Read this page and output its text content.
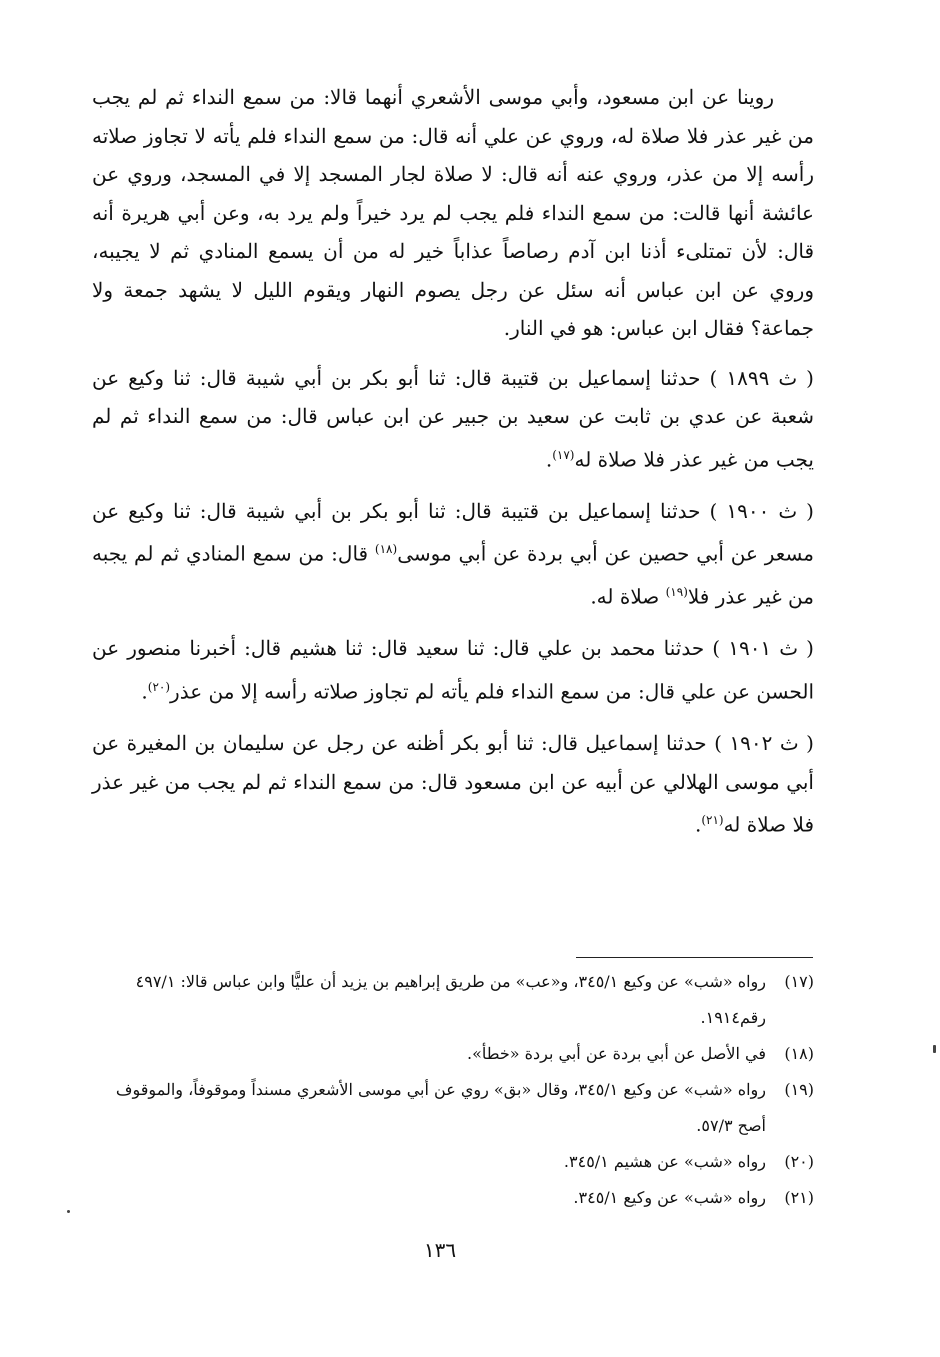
روينا عن ابن مسعود، وأبي موسى الأشعري أنهما قالا: من سمع النداء ثم لم يجب من غير عذر فلا صلاة له، وروي عن علي أنه قال: من سمع النداء فلم يأته لا تجاوز صلاته رأسه إلا من عذر، وروي عنه أنه قال: لا صلاة لجار المسجد إلا في المسجد، وروي عن عائشة أنها قالت: من سمع النداء فلم يجب لم يرد خيراً ولم يرد به، وعن أبي هريرة أنه قال: لأن تمتلىء أذنا ابن آدم رصاصاً عذاباً خير له من أن يسمع المنادي ثم لا يجيبه، وروي عن ابن عباس أنه سئل عن رجل يصوم النهار ويقوم الليل لا يشهد جمعة ولا جماعة؟ فقال ابن عباس: هو في النار.

( ث ١٨٩٩ ) حدثنا إسماعيل بن قتيبة قال: ثنا أبو بكر بن أبي شيبة قال: ثنا وكيع عن شعبة عن عدي بن ثابت عن سعيد بن جبير عن ابن عباس قال: من سمع النداء ثم لم يجب من غير عذر فلا صلاة له$^{(١٧)}$.

( ث ١٩٠٠ ) حدثنا إسماعيل بن قتيبة قال: ثنا أبو بكر بن أبي شيبة قال: ثنا وكيع عن مسعر عن أبي حصين عن أبي بردة عن أبي موسى$^{(١٨)}$ قال: من سمع المنادي ثم لم يجبه من غير عذر فلا$^{(١٩)}$ صلاة له.

( ث ١٩٠١ ) حدثنا محمد بن علي قال: ثنا سعيد قال: ثنا هشيم قال: أخبرنا منصور عن الحسن عن علي قال: من سمع النداء فلم يأته لم تجاوز صلاته رأسه إلا من عذر$^{(٢٠)}$.

( ث ١٩٠٢ ) حدثنا إسماعيل قال: ثنا أبو بكر أظنه عن رجل عن سليمان بن المغيرة عن أبي موسى الهلالي عن أبيه عن ابن مسعود قال: من سمع النداء ثم لم يجب من غير عذر فلا صلاة له$^{(٢١)}$.

(١٧)
رواه «شب» عن وكيع ٣٤٥/١، و«عب» من طريق إبراهيم بن يزيد أن عليًّا وابن عباس قالا: ٤٩٧/١ رقم١٩١٤.
(١٨)
في الأصل عن أبي بردة عن أبي بردة «خطأ».
(١٩)
رواه «شب» عن وكيع ٣٤٥/١، وقال «بق» روي عن أبي موسى الأشعري مسنداً وموقوفاً، والموقوف أصح ٥٧/٣.
(٢٠)
رواه «شب» عن هشيم ٣٤٥/١.
(٢١)
رواه «شب» عن وكيع ٣٤٥/١.
١٣٦
